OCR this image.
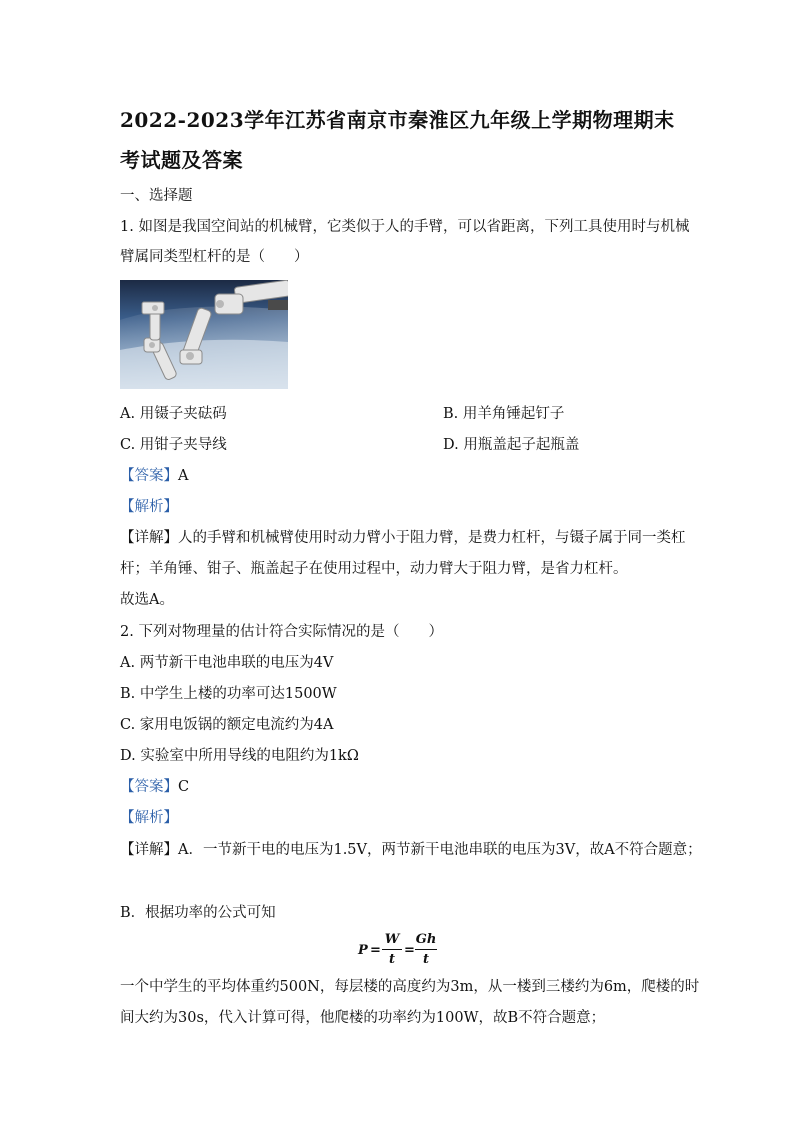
2022-2023学年江苏省南京市秦淮区九年级上学期物理期末
考试题及答案
一、选择题
1. 如图是我国空间站的机械臂，它类似于人的手臂，可以省距离，下列工具使用时与机械
臂属同类型杠杆的是（　　）
A. 用镊子夹砝码	B. 用羊角锤起钉子
C. 用钳子夹导线	D. 用瓶盖起子起瓶盖
【答案】A
【解析】
【详解】人的手臂和机械臂使用时动力臂小于阻力臂，是费力杠杆，与镊子属于同一类杠
杆；羊角锤、钳子、瓶盖起子在使用过程中，动力臂大于阻力臂，是省力杠杆。
故选A。
2. 下列对物理量的估计符合实际情况的是（　　）
A. 两节新干电池串联的电压为4V
B. 中学生上楼的功率可达1500W
C. 家用电饭锅的额定电流约为4A
D. 实验室中所用导线的电阻约为1kΩ
【答案】C
【解析】
【详解】A．一节新干电的电压为1.5V，两节新干电池串联的电压为3V，故A不符合题意；
B．根据功率的公式可知
$P = \frac{W}{t} = \frac{Gh}{t}$
一个中学生的平均体重约500N，每层楼的高度约为3m，从一楼到三楼约为6m，爬楼的时
间大约为30s，代入计算可得，他爬楼的功率约为100W，故B不符合题意；
